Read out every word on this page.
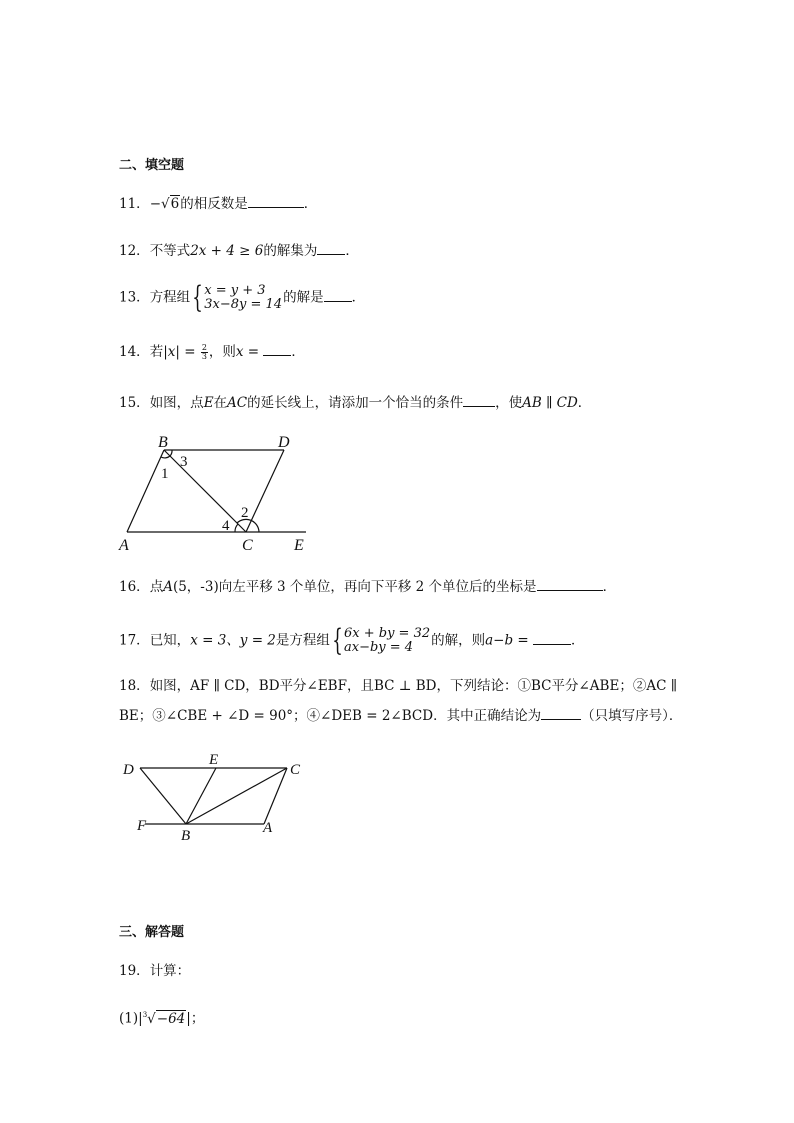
二、填空题
11．−√6的相反数是	．
12．不等式2x + 4 ≥ 6的解集为 ．
13．方程组 { x = y + 3
3x−8y = 14 的解是 ．
14．若$|x| = \frac{2}{3}$ ，则x = ．
15．如图，点E在AC的延长线上，请添加一个恰当的条件 ，使AB ∥ CD．
B	D
A	C	E
1
3
2
4
16．点A(5，-3)向左平移 3 个单位，再向下平移 2 个单位后的坐标是	．
17．已知，x = 3、y = 2是方程组 { 6x + by = 32
ax−by = 4	的解，则a−b =	．
18．如图，AF ∥ CD，BD平分∠EBF，且BC ⊥ BD，下列结论：①BC平分∠ABE；②AC ∥
BE；③∠CBE + ∠D = 90°；④∠DEB = 2∠BCD．其中正确结论为	（只填写序号）．
D
E
C
F
B	A
三、解答题
19．计算：
$(1)|^3√-64|$；
